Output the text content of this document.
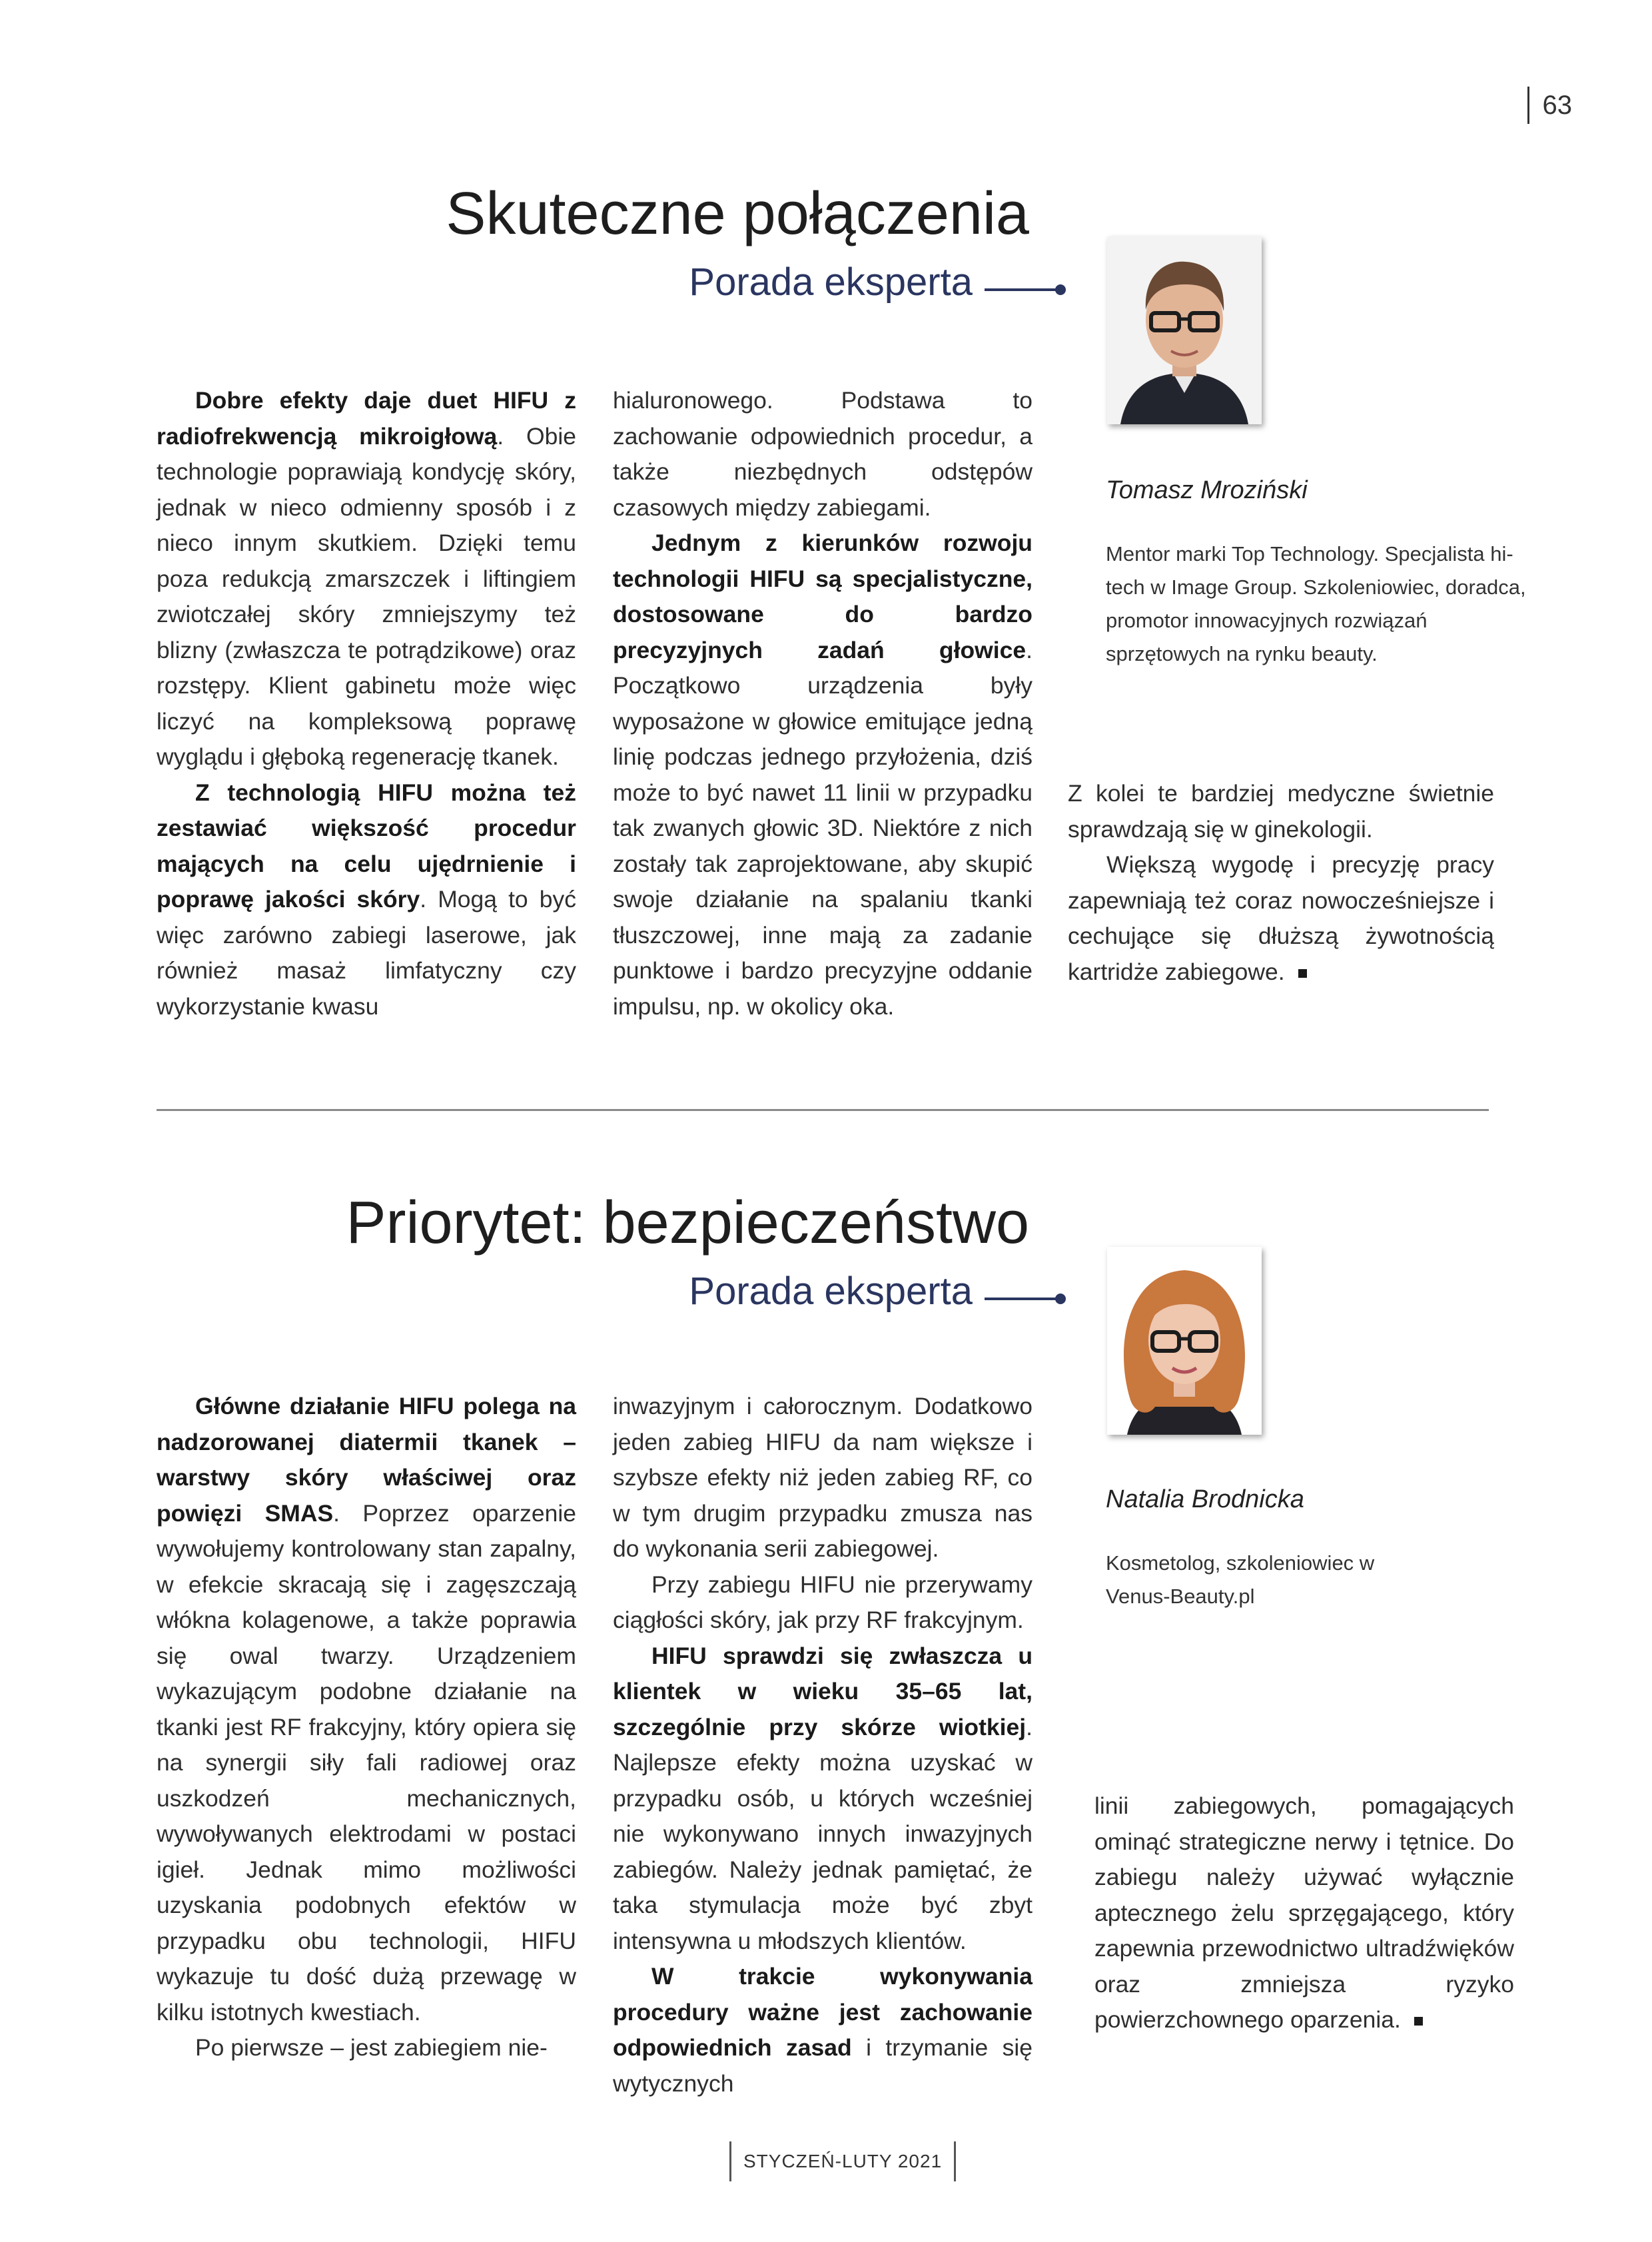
63
Skuteczne połączenia
Porada eksperta
Tomasz Mroziński
Mentor marki Top Technology. Specjalista hi-tech w Image Group. Szkoleniowiec, doradca, promotor innowacyjnych rozwiązań sprzętowych na rynku beauty.

Dobre efekty daje duet HIFU z radiofrekwencją mikroigłową. Obie technologie poprawiają kondycję skóry, jednak w nieco odmienny sposób i z nieco innym skutkiem. Dzięki temu poza redukcją zmarszczek i liftingiem zwiotczałej skóry zmniejszymy też blizny (zwłaszcza te potrądzikowe) oraz rozstępy. Klient gabinetu może więc liczyć na kompleksową poprawę wyglądu i głęboką regenerację tkanek.

Z technologią HIFU można też zestawiać większość procedur mających na celu ujędrnienie i poprawę jakości skóry. Mogą to być więc zarówno zabiegi laserowe, jak również masaż limfatyczny czy wykorzystanie kwasu

hialuronowego. Podstawa to zachowanie odpowiednich procedur, a także niezbędnych odstępów czasowych między zabiegami.

Jednym z kierunków rozwoju technologii HIFU są specjalistyczne, dostosowane do bardzo precyzyjnych zadań głowice. Początkowo urządzenia były wyposażone w głowice emitujące jedną linię podczas jednego przyłożenia, dziś może to być nawet 11 linii w przypadku tak zwanych głowic 3D. Niektóre z nich zostały tak zaprojektowane, aby skupić swoje działanie na spalaniu tkanki tłuszczowej, inne mają za zadanie punktowe i bardzo precyzyjne oddanie impulsu, np. w okolicy oka.

Z kolei te bardziej medyczne świetnie sprawdzają się w ginekologii.

Większą wygodę i precyzję pracy zapewniają też coraz nowocześniejsze i cechujące się dłuższą żywotnością kartridże zabiegowe.

Priorytet: bezpieczeństwo
Porada eksperta
Natalia Brodnicka
Kosmetolog, szkoleniowiec w Venus-Beauty.pl

Główne działanie HIFU polega na nadzorowanej diatermii tkanek – warstwy skóry właściwej oraz powięzi SMAS. Poprzez oparzenie wywołujemy kontrolowany stan zapalny, w efekcie skracają się i zagęszczają włókna kolagenowe, a także poprawia się owal twarzy. Urządzeniem wykazującym podobne działanie na tkanki jest RF frakcyjny, który opiera się na synergii siły fali radiowej oraz uszkodzeń mechanicznych, wywoływanych elektrodami w postaci igieł. Jednak mimo możliwości uzyskania podobnych efektów w przypadku obu technologii, HIFU wykazuje tu dość dużą przewagę w kilku istotnych kwestiach.

Po pierwsze – jest zabiegiem nie-

inwazyjnym i całorocznym. Dodatkowo jeden zabieg HIFU da nam większe i szybsze efekty niż jeden zabieg RF, co w tym drugim przypadku zmusza nas do wykonania serii zabiegowej.

Przy zabiegu HIFU nie przerywamy ciągłości skóry, jak przy RF frakcyjnym.

HIFU sprawdzi się zwłaszcza u klientek w wieku 35–65 lat, szczególnie przy skórze wiotkiej. Najlepsze efekty można uzyskać w przypadku osób, u których wcześniej nie wykonywano innych inwazyjnych zabiegów. Należy jednak pamiętać, że taka stymulacja może być zbyt intensywna u młodszych klientów.

W trakcie wykonywania procedury ważne jest zachowanie odpowiednich zasad i trzymanie się wytycznych

linii zabiegowych, pomagających ominąć strategiczne nerwy i tętnice. Do zabiegu należy używać wyłącznie aptecznego żelu sprzęgającego, który zapewnia przewodnictwo ultradźwięków oraz zmniejsza ryzyko powierzchownego oparzenia.

STYCZEŃ-LUTY 2021
